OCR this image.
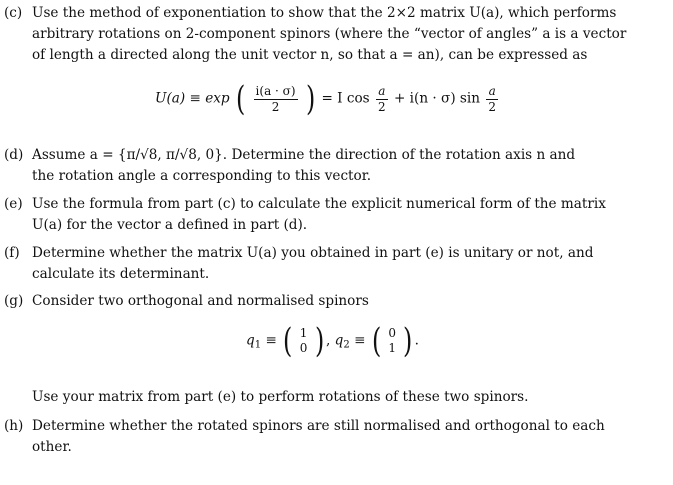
(c) Use the method of exponentiation to show that the 2×2 matrix U(a), which performs
arbitrary rotations on 2-component spinors (where the “vector of angles” a is a vector
of length a directed along the unit vector n, so that a = an), can be expressed as
U(a) ≡ exp ( $\frac{i(a \cdot \sigma)}{2}$ ) = I $\cos \frac{a}{2} + i(n \cdot \sigma)$ $\sin \frac{a}{2}$
(d) Assume a = {π/√8, π/√8, 0}. Determine the direction of the rotation axis n and
the rotation angle a corresponding to this vector.
(e) Use the formula from part (c) to calculate the explicit numerical form of the matrix
U(a) for the vector a defined in part (d).
(f) Determine whether the matrix U(a) you obtained in part (e) is unitary or not, and
calculate its determinant.
(g) Consider two orthogonal and normalised spinors
$q_1$ ≡ ( 1
0 ) , $q_2$ ≡ ( 0
1 ) .
Use your matrix from part (e) to perform rotations of these two spinors.
(h) Determine whether the rotated spinors are still normalised and orthogonal to each
other.
